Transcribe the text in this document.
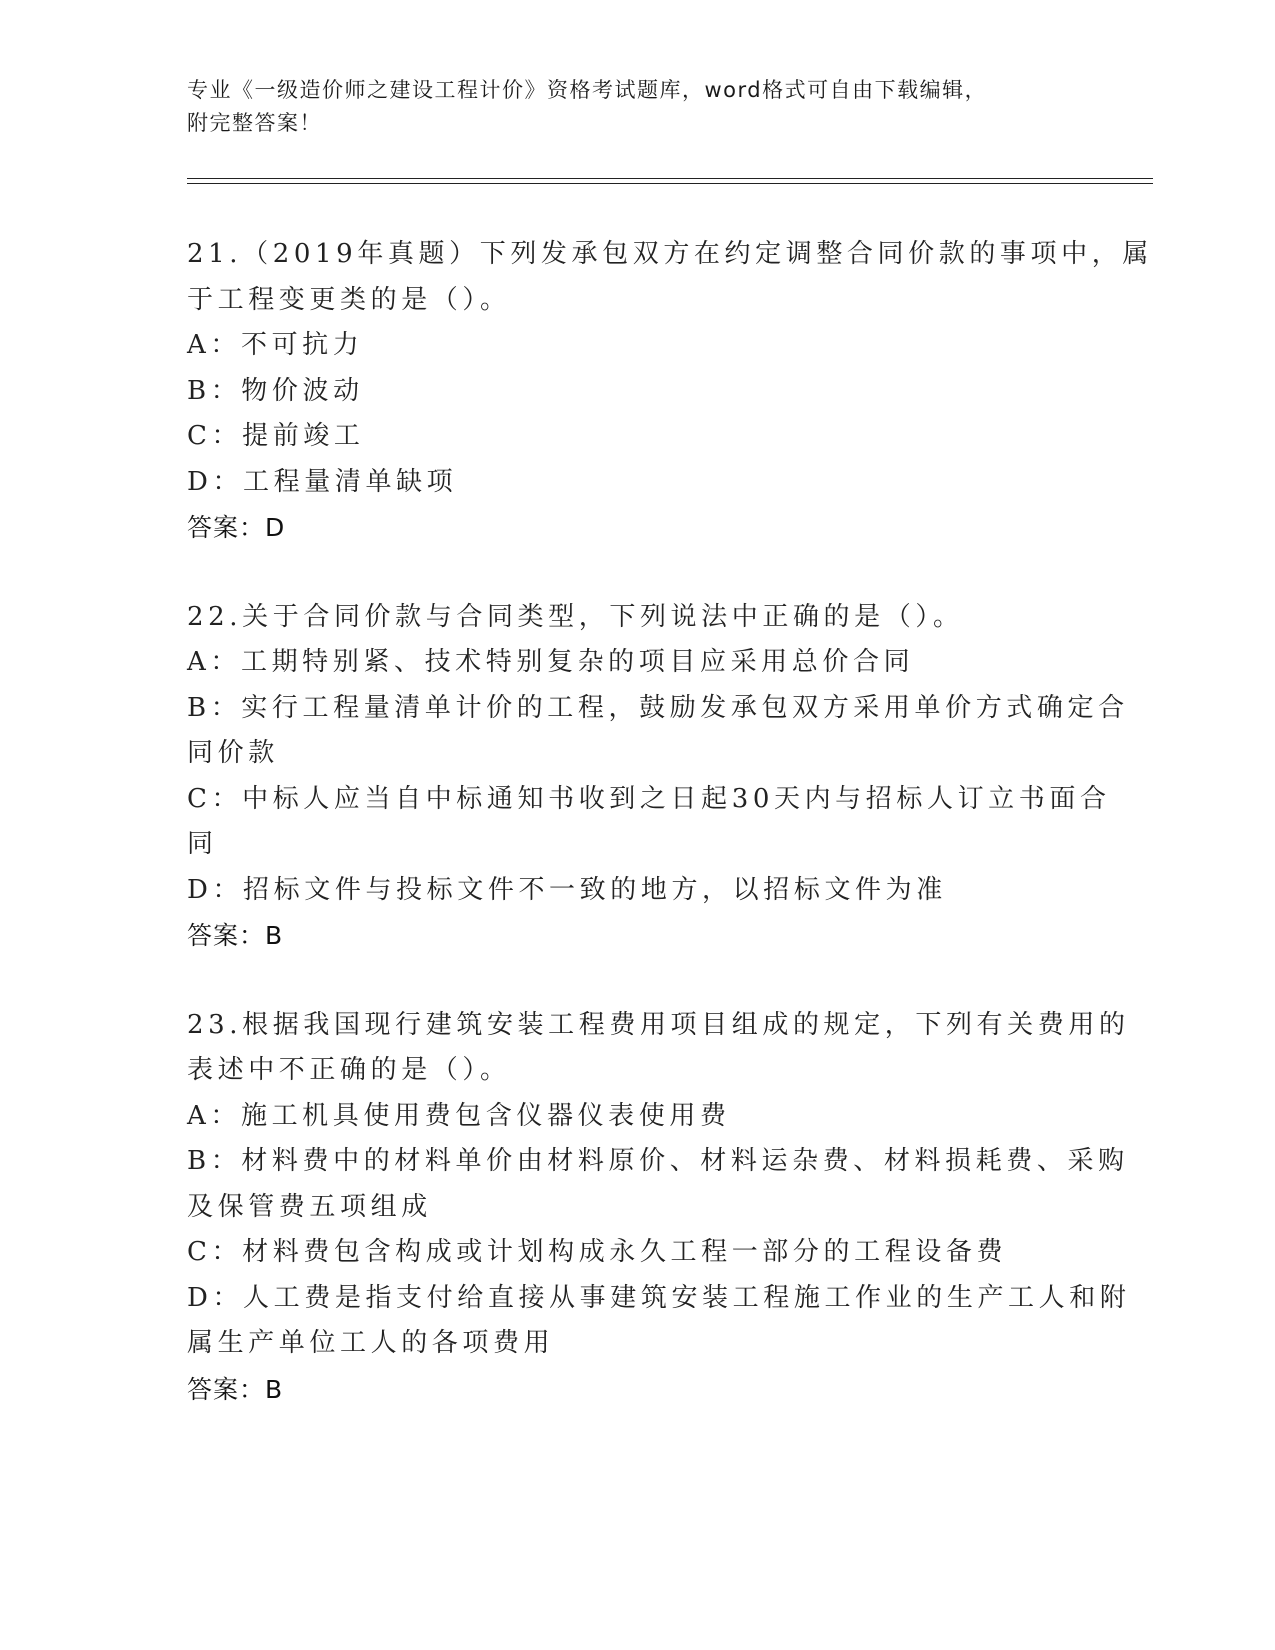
专业《一级造价师之建设工程计价》资格考试题库，word格式可自由下载编辑，
附完整答案！
21.（2019年真题）下列发承包双方在约定调整合同价款的事项中，属
于工程变更类的是（）。
A：不可抗力
B：物价波动
C：提前竣工
D：工程量清单缺项
答案：D
22.关于合同价款与合同类型，下列说法中正确的是（）。
A：工期特别紧、技术特别复杂的项目应采用总价合同
B：实行工程量清单计价的工程，鼓励发承包双方采用单价方式确定合
同价款
C：中标人应当自中标通知书收到之日起30天内与招标人订立书面合
同
D：招标文件与投标文件不一致的地方，以招标文件为准
答案：B
23.根据我国现行建筑安装工程费用项目组成的规定，下列有关费用的
表述中不正确的是（）。
A：施工机具使用费包含仪器仪表使用费
B：材料费中的材料单价由材料原价、材料运杂费、材料损耗费、采购
及保管费五项组成
C：材料费包含构成或计划构成永久工程一部分的工程设备费
D：人工费是指支付给直接从事建筑安装工程施工作业的生产工人和附
属生产单位工人的各项费用
答案：B
